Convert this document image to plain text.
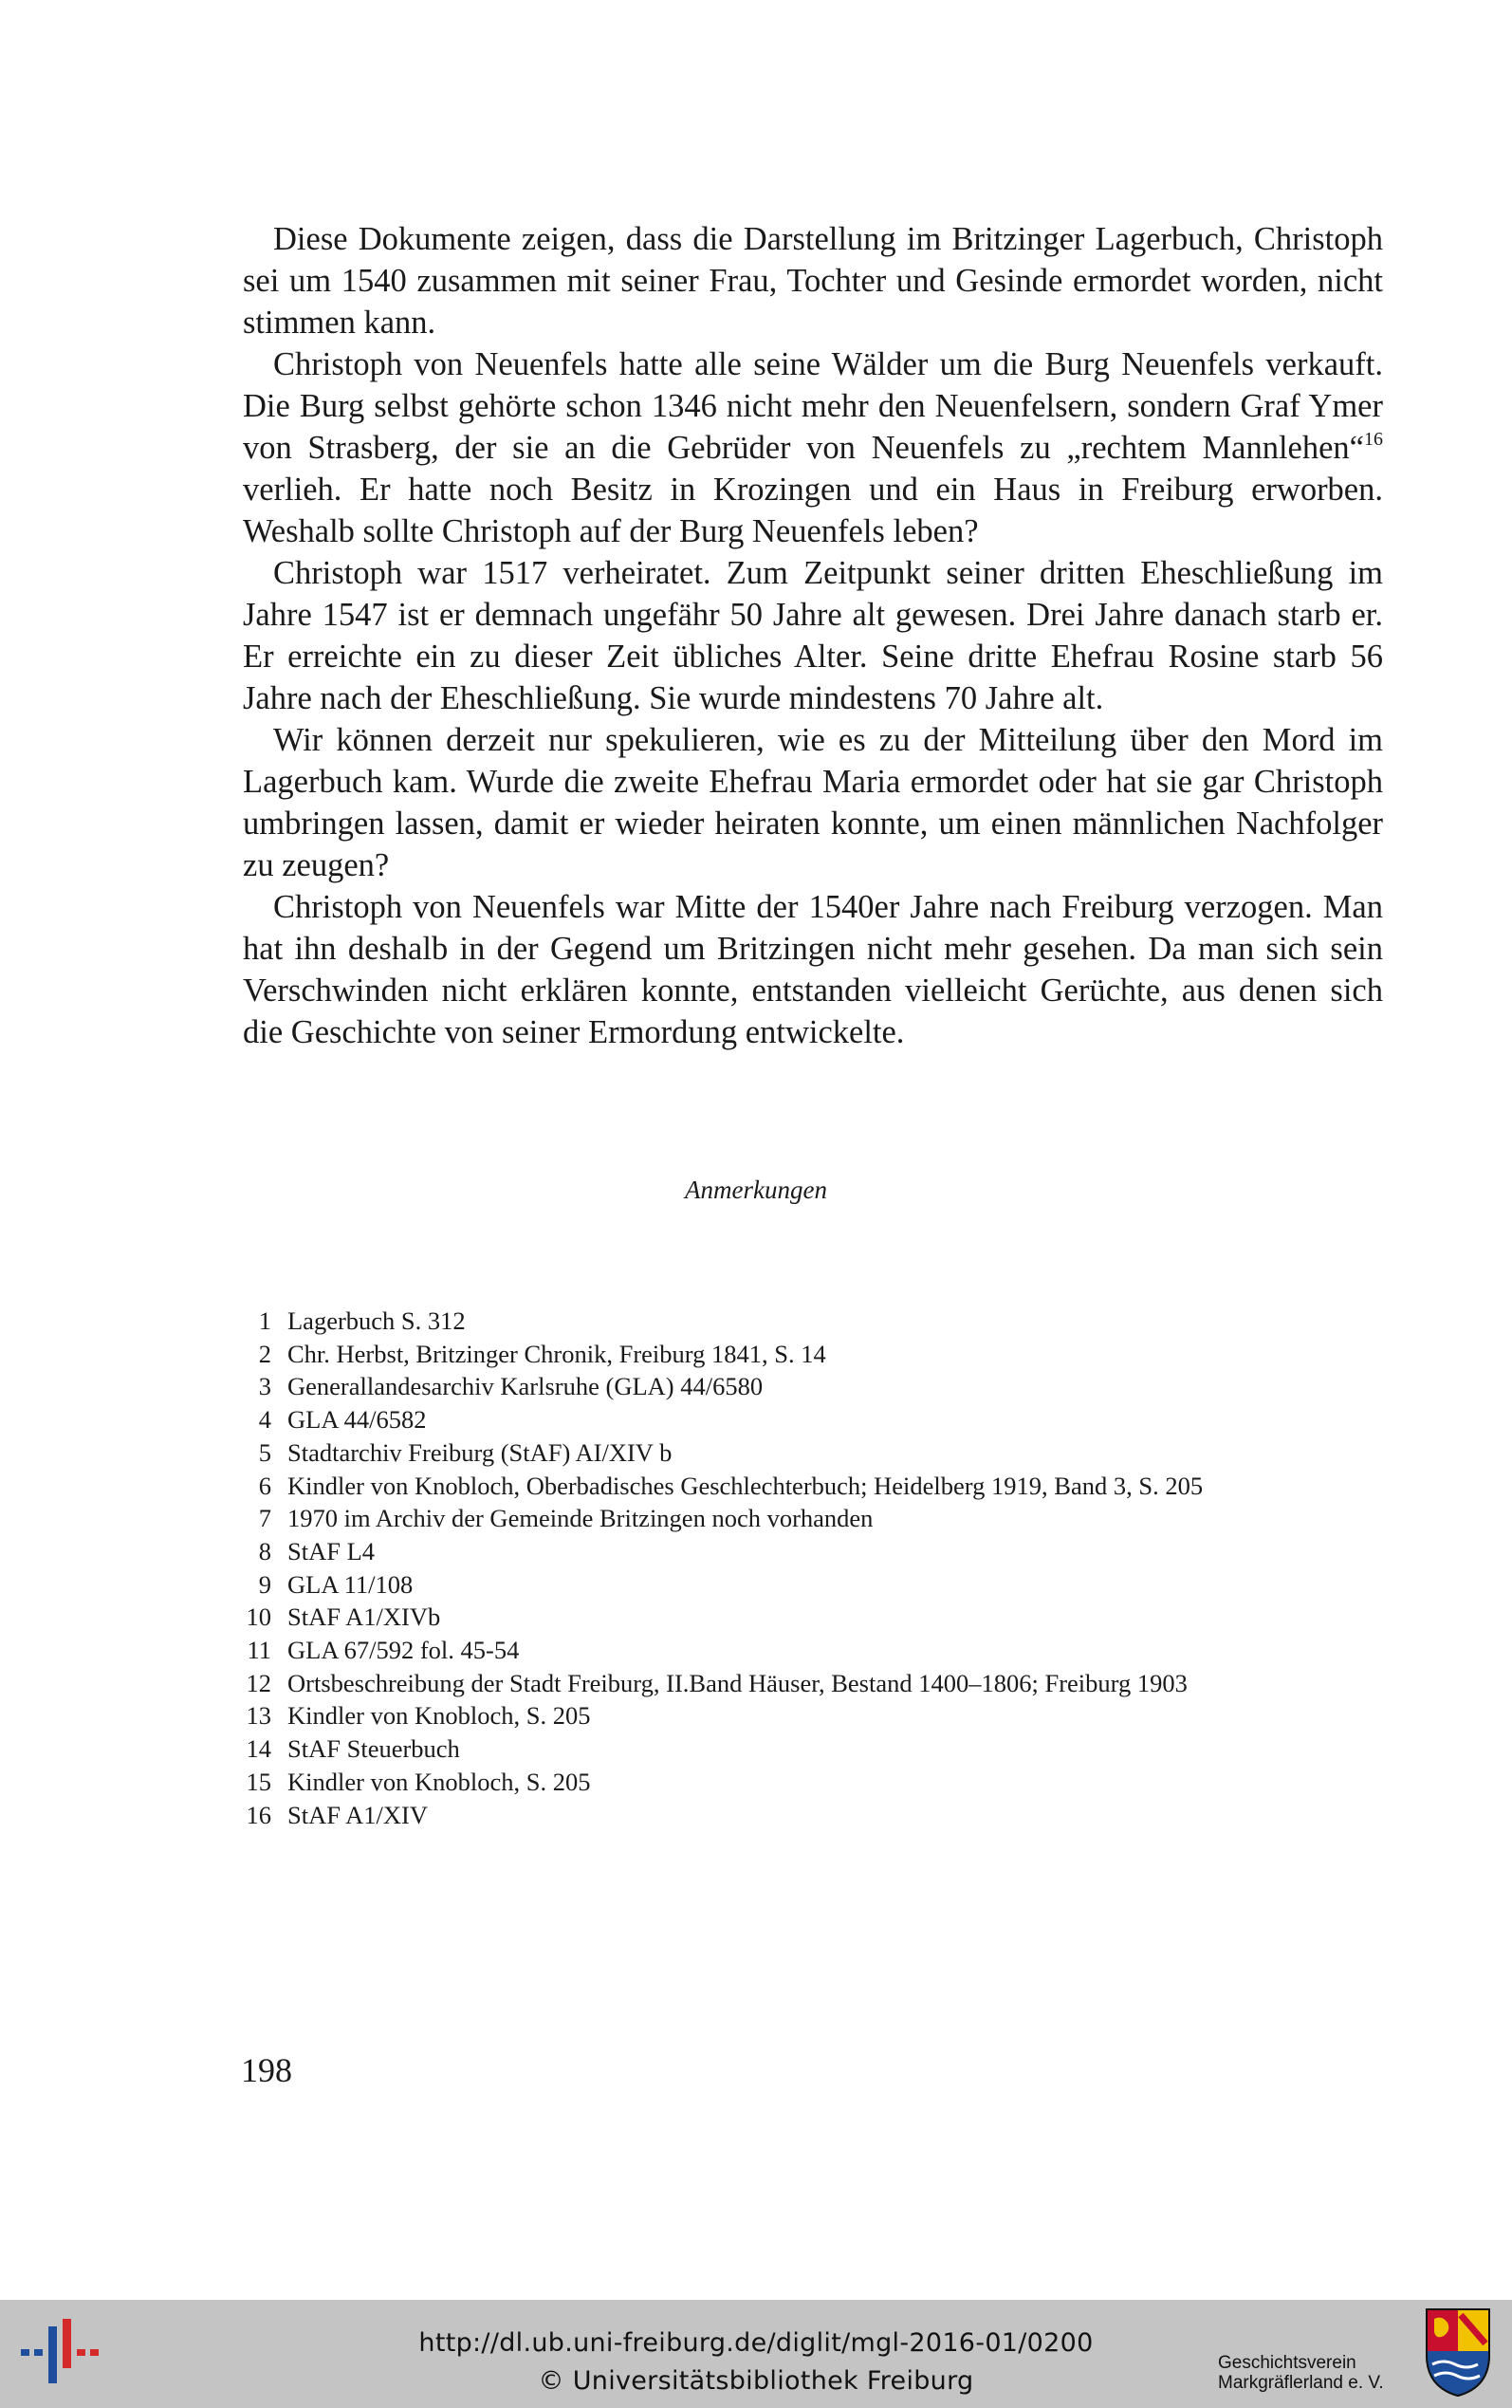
Diese Dokumente zeigen, dass die Darstellung im Britzinger Lagerbuch, Christoph sei um 1540 zusammen mit seiner Frau, Tochter und Gesinde ermordet worden, nicht stimmen kann.

Christoph von Neuenfels hatte alle seine Wälder um die Burg Neuenfels verkauft. Die Burg selbst gehörte schon 1346 nicht mehr den Neuenfelsern, sondern Graf Ymer von Strasberg, der sie an die Gebrüder von Neuenfels zu „rechtem Mannlehen“$^{16}$ verlieh. Er hatte noch Besitz in Krozingen und ein Haus in Freiburg erworben. Weshalb sollte Christoph auf der Burg Neuenfels leben?

Christoph war 1517 verheiratet. Zum Zeitpunkt seiner dritten Eheschließung im Jahre 1547 ist er demnach ungefähr 50 Jahre alt gewesen. Drei Jahre danach starb er. Er erreichte ein zu dieser Zeit übliches Alter. Seine dritte Ehefrau Rosine starb 56 Jahre nach der Eheschließung. Sie wurde mindestens 70 Jahre alt.

Wir können derzeit nur spekulieren, wie es zu der Mitteilung über den Mord im Lagerbuch kam. Wurde die zweite Ehefrau Maria ermordet oder hat sie gar Christoph umbringen lassen, damit er wieder heiraten konnte, um einen männlichen Nachfolger zu zeugen?

Christoph von Neuenfels war Mitte der 1540er Jahre nach Freiburg verzogen. Man hat ihn deshalb in der Gegend um Britzingen nicht mehr gesehen. Da man sich sein Verschwinden nicht erklären konnte, entstanden vielleicht Gerüchte, aus denen sich die Geschichte von seiner Ermordung entwickelte.

Anmerkungen
1 Lagerbuch S. 312
2 Chr. Herbst, Britzinger Chronik, Freiburg 1841, S. 14
3 Generallandesarchiv Karlsruhe (GLA) 44/6580
4 GLA 44/6582
5 Stadtarchiv Freiburg (StAF) AI/XIV b
6 Kindler von Knobloch, Oberbadisches Geschlechterbuch; Heidelberg 1919, Band 3, S. 205
7 1970 im Archiv der Gemeinde Britzingen noch vorhanden
8 StAF L4
9 GLA 11/108
10 StAF A1/XIVb
11 GLA 67/592 fol. 45-54
12 Ortsbeschreibung der Stadt Freiburg, II.Band Häuser, Bestand 1400–1806; Freiburg 1903
13 Kindler von Knobloch, S. 205
14 StAF Steuerbuch
15 Kindler von Knobloch, S. 205
16 StAF A1/XIV
198
http://dl.ub.uni-freiburg.de/diglit/mgl-2016-01/0200
© Universitätsbibliothek Freiburg
Geschichtsverein
Markgräflerland e. V.
